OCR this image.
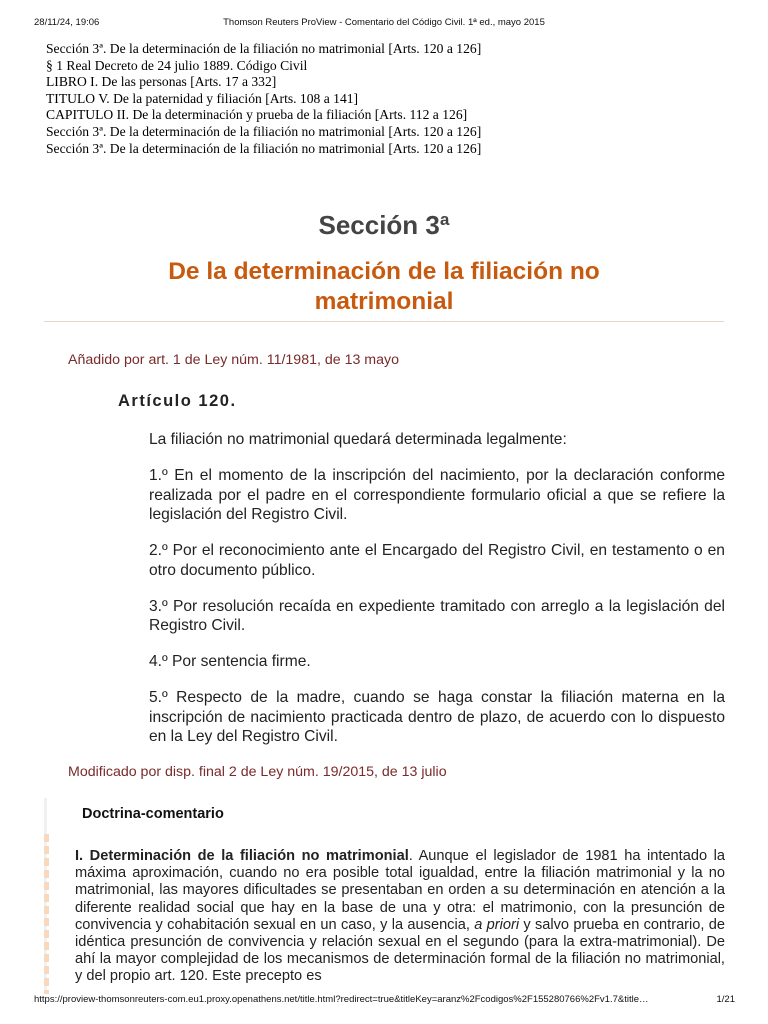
28/11/24, 19:06	Thomson Reuters ProView - Comentario del Código Civil. 1ª ed., mayo 2015
Sección 3ª. De la determinación de la filiación no matrimonial [Arts. 120 a 126]
§ 1 Real Decreto de 24 julio 1889. Código Civil
LIBRO I. De las personas [Arts. 17 a 332]
TITULO V. De la paternidad y filiación [Arts. 108 a 141]
CAPITULO II. De la determinación y prueba de la filiación [Arts. 112 a 126]
Sección 3ª. De la determinación de la filiación no matrimonial [Arts. 120 a 126]
Sección 3ª. De la determinación de la filiación no matrimonial [Arts. 120 a 126]
Sección 3ª
De la determinación de la filiación no matrimonial
Añadido por art. 1 de Ley núm. 11/1981, de 13 mayo
Artículo 120.

La filiación no matrimonial quedará determinada legalmente:

1.º En el momento de la inscripción del nacimiento, por la declaración conforme realizada por el padre en el correspondiente formulario oficial a que se refiere la legislación del Registro Civil.

2.º Por el reconocimiento ante el Encargado del Registro Civil, en testamento o en otro documento público.

3.º Por resolución recaída en expediente tramitado con arreglo a la legislación del Registro Civil.

4.º Por sentencia firme.

5.º Respecto de la madre, cuando se haga constar la filiación materna en la inscripción de nacimiento practicada dentro de plazo, de acuerdo con lo dispuesto en la Ley del Registro Civil.

Modificado por disp. final 2 de Ley núm. 19/2015, de 13 julio
Doctrina-comentario
I. Determinación de la filiación no matrimonial. Aunque el legislador de 1981 ha intentado la máxima aproximación, cuando no era posible total igualdad, entre la filiación matrimonial y la no matrimonial, las mayores dificultades se presentaban en orden a su determinación en atención a la diferente realidad social que hay en la base de una y otra: el matrimonio, con la presunción de convivencia y cohabitación sexual en un caso, y la ausencia, a priori y salvo prueba en contrario, de idéntica presunción de convivencia y relación sexual en el segundo (para la extra-matrimonial). De ahí la mayor complejidad de los mecanismos de determinación formal de la filiación no matrimonial, y del propio art. 120. Este precepto es
https://proview-thomsonreuters-com.eu1.proxy.openathens.net/title.html?redirect=true&titleKey=aranz%2Fcodigos%2F155280766%2Fv1.7&title…	1/21
